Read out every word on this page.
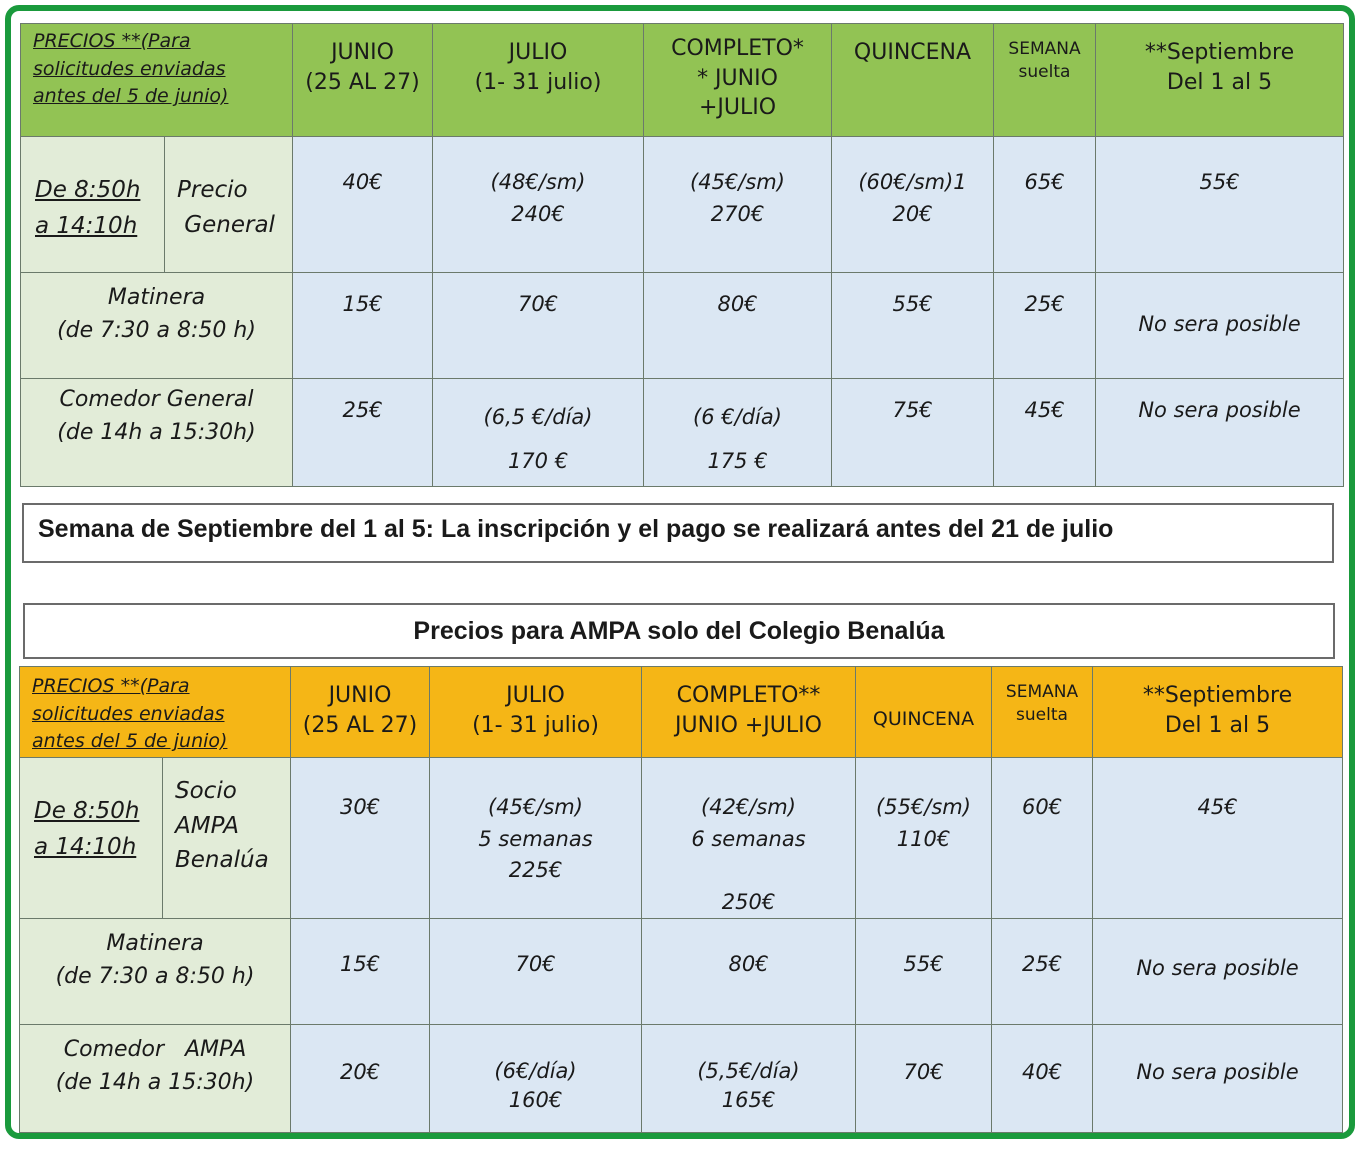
PRECIOS **(Para
solicitudes enviadas
antes del 5 de junio)		JUNIO
(25 AL 27)	JULIO
(1- 31 julio)	COMPLETO*
* JUNIO
+JULIO	QUINCENA	SEMANA
suelta	**Septiembre
Del 1 al 5

De 8:50h
a 14:10h	Precio
General	40€	(48€/sm)
240€	(45€/sm)
270€	(60€/sm)1
20€	65€	55€

Matinera
(de 7:30 a 8:50 h)		15€	70€	80€	55€	25€	No sera posible

Comedor General
(de 14h a 15:30h)		25€	(6,5 €/día)
170 €	(6 €/día)
175 €	75€	45€	No sera posible
Semana de Septiembre del 1 al 5: La inscripción y el pago se realizará antes del 21 de julio
Precios para AMPA solo del Colegio Benalúa
PRECIOS **(Para
solicitudes enviadas
antes del 5 de junio)		JUNIO
(25 AL 27)	JULIO
(1- 31 julio)	COMPLETO**
JUNIO +JULIO	QUINCENA	SEMANA
suelta	**Septiembre
Del 1 al 5

De 8:50h
a 14:10h	Socio
AMPA
Benalúa	30€	(45€/sm)
5 semanas
225€	(42€/sm)
6 semanas

250€	(55€/sm)
110€	60€	45€

Matinera
(de 7:30 a 8:50 h)		15€	70€	80€	55€	25€	No sera posible

Comedor   AMPA
(de 14h a 15:30h)		20€	(6€/día)
160€	(5,5€/día)
165€	70€	40€	No sera posible
